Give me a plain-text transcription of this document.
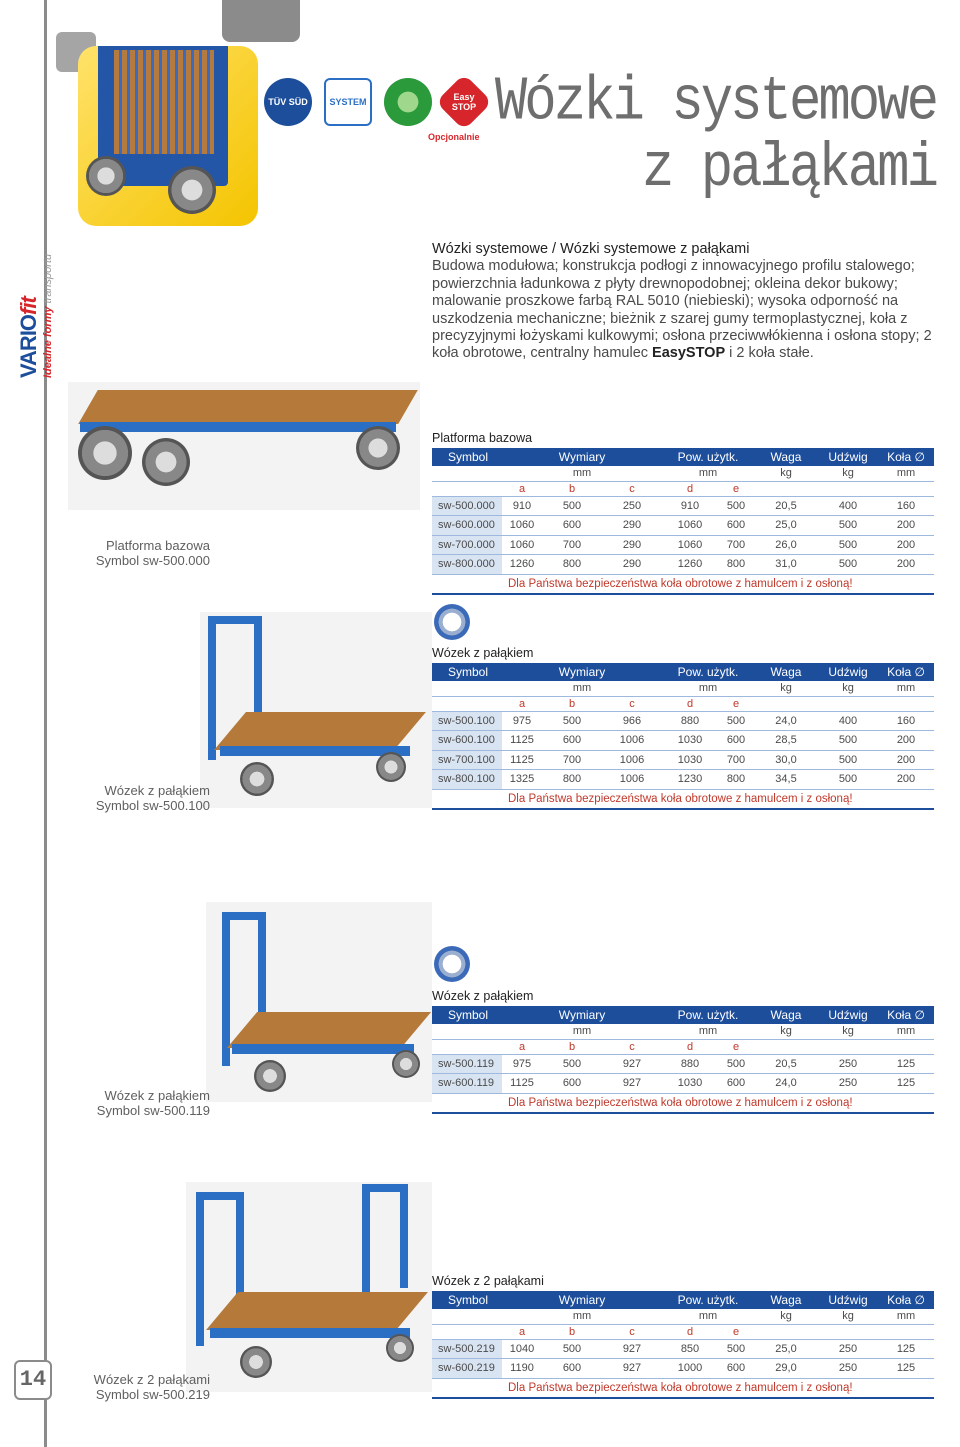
TÜV SÜD SYSTEM	Easy STOP
Opcjonalnie Wózki systemowe
z pałąkami
VARIOfit
Idealne formy transportu
Wózki systemowe / Wózki systemowe z pałąkami

Budowa modułowa; konstrukcja podłogi z innowacyjnego profilu stalowego; powierzchnia ładunkowa z płyty drewnopodobnej; okleina dekor bukowy; malowanie proszkowe farbą RAL 5010 (niebieski); wysoka odporność na uszkodzenia mechaniczne; bieżnik z szarej gumy termoplastycznej, koła z precyzyjnymi łożyskami kulkowymi; osłona przeciwwłókienna i osłona stopy; 2 koła obrotowe, centralny hamulec EasySTOP i 2 koła stałe.

Platforma bazowa
Symbol sw-500.000
Wózek z pałąkiem
Symbol sw-500.100
Wózek z pałąkiem
Symbol sw-500.119
Wózek z 2 pałąkami
Symbol sw-500.219
Platforma bazowa
Wózek z pałąkiem
Wózek z pałąkiem
Wózek z 2 pałąkami
Symbol	Wymiary			Pow. użytk.		Waga	Udźwig	Koła ∅
	mm			mm		kg	kg	mm
	a	b	c	d	e			
sw-500.000	910	500	250	910	500	20,5	400	160
sw-600.000	1060	600	290	1060	600	25,0	500	200
sw-700.000	1060	700	290	1060	700	26,0	500	200
sw-800.000	1260	800	290	1260	800	31,0	500	200
	Dla Państwa bezpieczeństwa koła obrotowe z hamulcem i z osłoną!							
Symbol	Wymiary			Pow. użytk.		Waga	Udźwig	Koła ∅
	mm			mm		kg	kg	mm
	a	b	c	d	e			
sw-500.100	975	500	966	880	500	24,0	400	160
sw-600.100	1125	600	1006	1030	600	28,5	500	200
sw-700.100	1125	700	1006	1030	700	30,0	500	200
sw-800.100	1325	800	1006	1230	800	34,5	500	200
	Dla Państwa bezpieczeństwa koła obrotowe z hamulcem i z osłoną!							
Symbol	Wymiary			Pow. użytk.		Waga	Udźwig	Koła ∅
	mm			mm		kg	kg	mm
	a	b	c	d	e			
sw-500.119	975	500	927	880	500	20,5	250	125
sw-600.119	1125	600	927	1030	600	24,0	250	125
	Dla Państwa bezpieczeństwa koła obrotowe z hamulcem i z osłoną!							
Symbol	Wymiary			Pow. użytk.		Waga	Udźwig	Koła ∅
	mm			mm		kg	kg	mm
	a	b	c	d	e			
sw-500.219	1040	500	927	850	500	25,0	250	125
sw-600.219	1190	600	927	1000	600	29,0	250	125
	Dla Państwa bezpieczeństwa koła obrotowe z hamulcem i z osłoną!							
14
